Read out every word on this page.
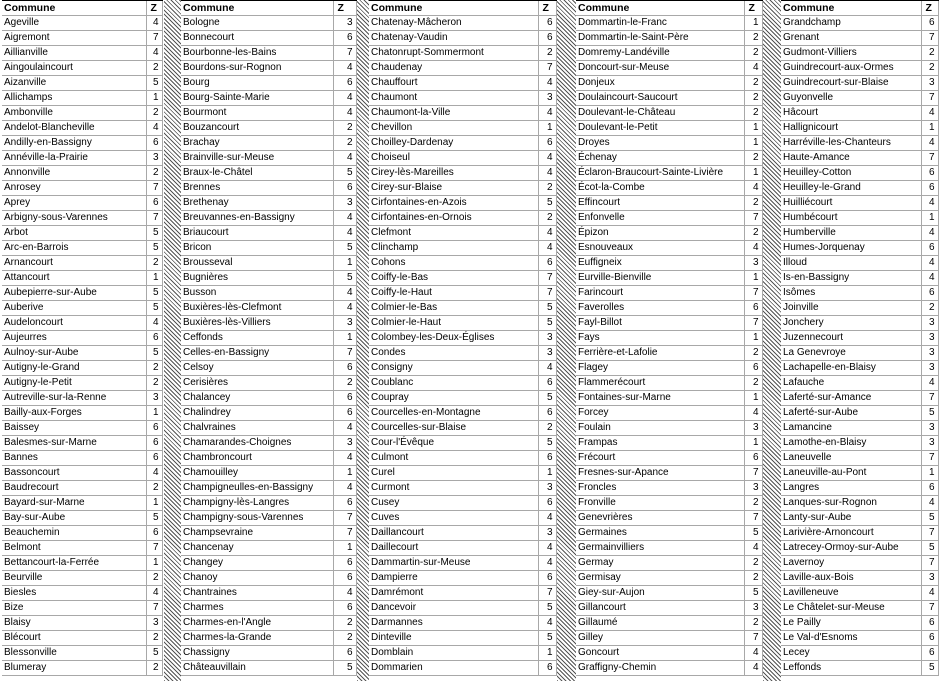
Commune	Z
Ageville	4
Aigremont	7
Aillianville	4
Aingoulaincourt	2
Aizanville	5
Allichamps	1
Ambonville	2
Andelot-Blancheville	4
Andilly-en-Bassigny	6
Annéville-la-Prairie	3
Annonville	2
Anrosey	7
Aprey	6
Arbigny-sous-Varennes	7
Arbot	5
Arc-en-Barrois	5
Arnancourt	2
Attancourt	1
Aubepierre-sur-Aube	5
Auberive	5
Audeloncourt	4
Aujeurres	6
Aulnoy-sur-Aube	5
Autigny-le-Grand	2
Autigny-le-Petit	2
Autreville-sur-la-Renne	3
Bailly-aux-Forges	1
Baissey	6
Balesmes-sur-Marne	6
Bannes	6
Bassoncourt	4
Baudrecourt	2
Bayard-sur-Marne	1
Bay-sur-Aube	5
Beauchemin	6
Belmont	7
Bettancourt-la-Ferrée	1
Beurville	2
Biesles	4
Bize	7
Blaisy	3
Blécourt	2
Blessonville	5
Blumeray	2
Commune	Z
Bologne	3
Bonnecourt	6
Bourbonne-les-Bains	7
Bourdons-sur-Rognon	4
Bourg	6
Bourg-Sainte-Marie	4
Bourmont	4
Bouzancourt	2
Brachay	2
Brainville-sur-Meuse	4
Braux-le-Châtel	5
Brennes	6
Brethenay	3
Breuvannes-en-Bassigny	4
Briaucourt	4
Bricon	5
Brousseval	1
Bugnières	5
Busson	4
Buxières-lès-Clefmont	4
Buxières-lès-Villiers	3
Ceffonds	1
Celles-en-Bassigny	7
Celsoy	6
Cerisières	2
Chalancey	6
Chalindrey	6
Chalvraines	4
Chamarandes-Choignes	3
Chambroncourt	4
Chamouilley	1
Champigneulles-en-Bassigny	4
Champigny-lès-Langres	6
Champigny-sous-Varennes	7
Champsevraine	7
Chancenay	1
Changey	6
Chanoy	6
Chantraines	4
Charmes	6
Charmes-en-l'Angle	2
Charmes-la-Grande	2
Chassigny	6
Châteauvillain	5
Commune	Z
Chatenay-Mâcheron	6
Chatenay-Vaudin	6
Chatonrupt-Sommermont	2
Chaudenay	7
Chauffourt	4
Chaumont	3
Chaumont-la-Ville	4
Chevillon	1
Choilley-Dardenay	6
Choiseul	4
Cirey-lès-Mareilles	4
Cirey-sur-Blaise	2
Cirfontaines-en-Azois	5
Cirfontaines-en-Ornois	2
Clefmont	4
Clinchamp	4
Cohons	6
Coiffy-le-Bas	7
Coiffy-le-Haut	7
Colmier-le-Bas	5
Colmier-le-Haut	5
Colombey-les-Deux-Églises	3
Condes	3
Consigny	4
Coublanc	6
Coupray	5
Courcelles-en-Montagne	6
Courcelles-sur-Blaise	2
Cour-l'Évêque	5
Culmont	6
Curel	1
Curmont	3
Cusey	6
Cuves	4
Daillancourt	3
Daillecourt	4
Dammartin-sur-Meuse	4
Dampierre	6
Damrémont	7
Dancevoir	5
Darmannes	4
Dinteville	5
Domblain	1
Dommarien	6
Commune	Z
Dommartin-le-Franc	1
Dommartin-le-Saint-Père	2
Domremy-Landéville	2
Doncourt-sur-Meuse	4
Donjeux	2
Doulaincourt-Saucourt	2
Doulevant-le-Château	2
Doulevant-le-Petit	1
Droyes	1
Échenay	2
Éclaron-Braucourt-Sainte-Livière	1
Écot-la-Combe	4
Effincourt	2
Enfonvelle	7
Épizon	2
Esnouveaux	4
Euffigneix	3
Eurville-Bienville	1
Farincourt	7
Faverolles	6
Fayl-Billot	7
Fays	1
Ferrière-et-Lafolie	2
Flagey	6
Flammerécourt	2
Fontaines-sur-Marne	1
Forcey	4
Foulain	3
Frampas	1
Frécourt	6
Fresnes-sur-Apance	7
Froncles	3
Fronville	2
Genevrières	7
Germaines	5
Germainvilliers	4
Germay	2
Germisay	2
Giey-sur-Aujon	5
Gillancourt	3
Gillaumé	2
Gilley	7
Goncourt	4
Graffigny-Chemin	4
Commune	Z
Grandchamp	6
Grenant	7
Gudmont-Villiers	2
Guindrecourt-aux-Ormes	2
Guindrecourt-sur-Blaise	3
Guyonvelle	7
Hâcourt	4
Hallignicourt	1
Harréville-les-Chanteurs	4
Haute-Amance	7
Heuilley-Cotton	6
Heuilley-le-Grand	6
Huilliécourt	4
Humbécourt	1
Humberville	4
Humes-Jorquenay	6
Illoud	4
Is-en-Bassigny	4
Isômes	6
Joinville	2
Jonchery	3
Juzennecourt	3
La Genevroye	3
Lachapelle-en-Blaisy	3
Lafauche	4
Laferté-sur-Amance	7
Laferté-sur-Aube	5
Lamancine	3
Lamothe-en-Blaisy	3
Laneuvelle	7
Laneuville-au-Pont	1
Langres	6
Lanques-sur-Rognon	4
Lanty-sur-Aube	5
Larivière-Arnoncourt	7
Latrecey-Ormoy-sur-Aube	5
Lavernoy	7
Laville-aux-Bois	3
Lavilleneuve	4
Le Châtelet-sur-Meuse	7
Le Pailly	6
Le Val-d'Esnoms	6
Lecey	6
Leffonds	5
